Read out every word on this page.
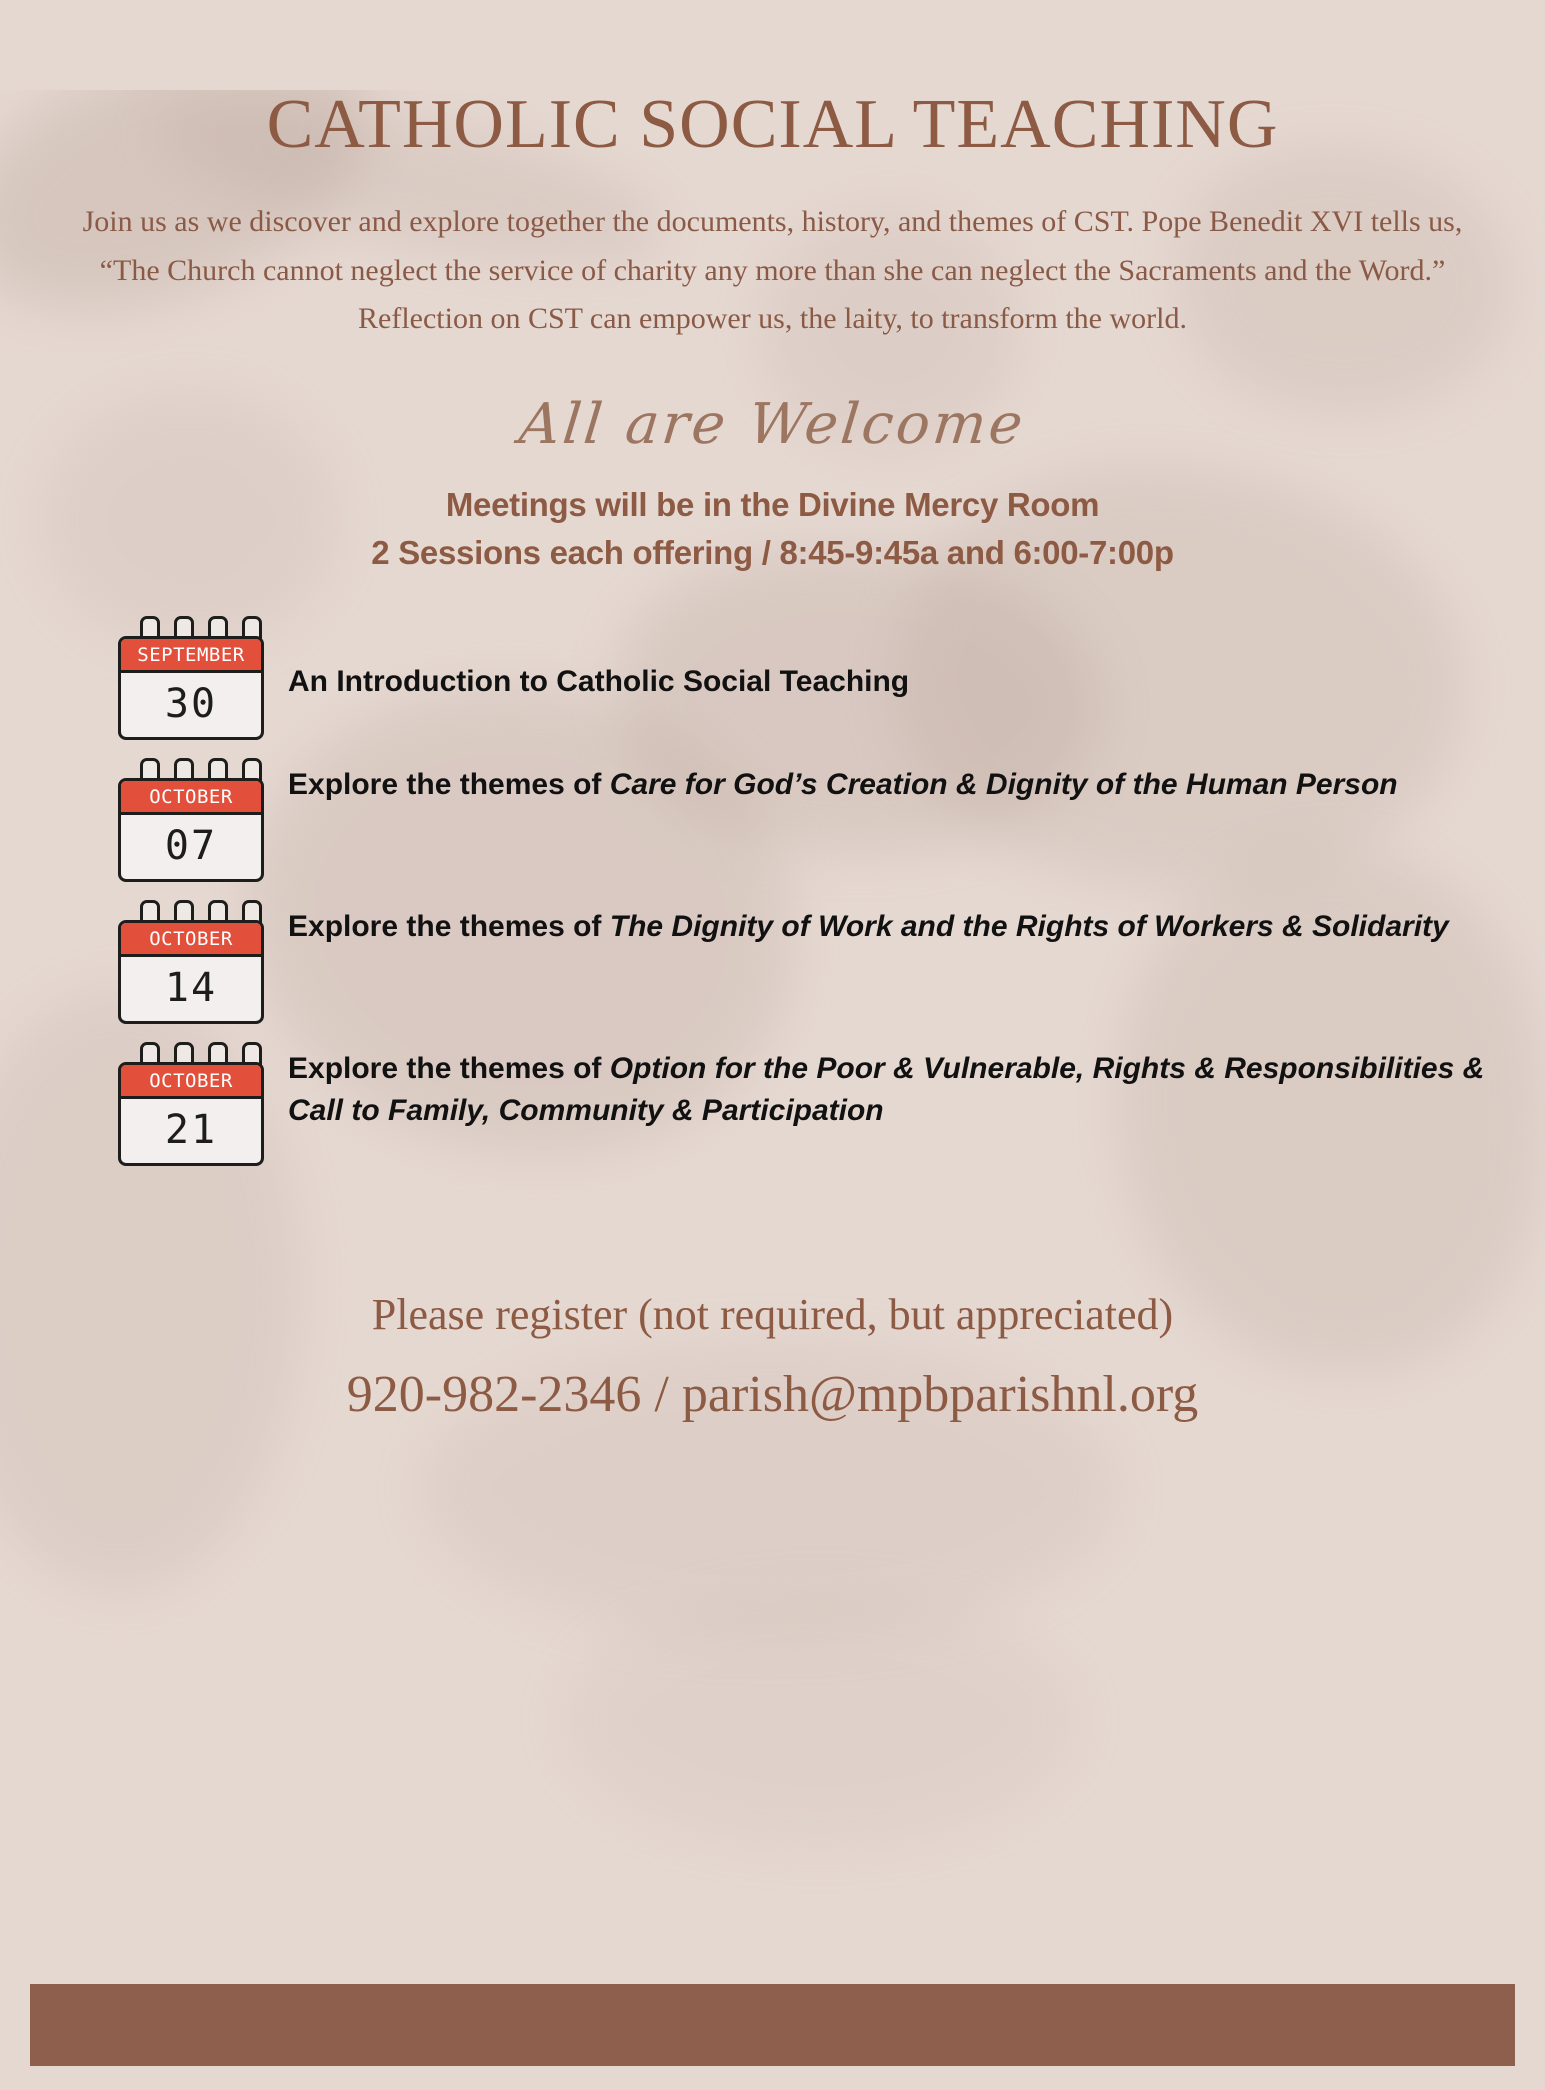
CATHOLIC SOCIAL TEACHING

Join us as we discover and explore together the documents, history, and themes of CST. Pope Benedit XVI tells us, “The Church cannot neglect the service of charity any more than she can neglect the Sacraments and the Word.” Reflection on CST can empower us, the laity, to transform the world.

All are Welcome
Meetings will be in the Divine Mercy Room
2 Sessions each offering / 8:45-9:45a and 6:00-7:00p
SEPTEMBER
30
An Introduction to Catholic Social Teaching
OCTOBER
07
Explore the themes of Care for God’s Creation & Dignity of the Human Person
OCTOBER
14
Explore the themes of The Dignity of Work and the Rights of Workers & Solidarity
OCTOBER
21
Explore the themes of Option for the Poor & Vulnerable, Rights & Responsibilities & Call to Family, Community & Participation
Please register (not required, but appreciated)
920-982-2346 / parish@mpbparishnl.org
